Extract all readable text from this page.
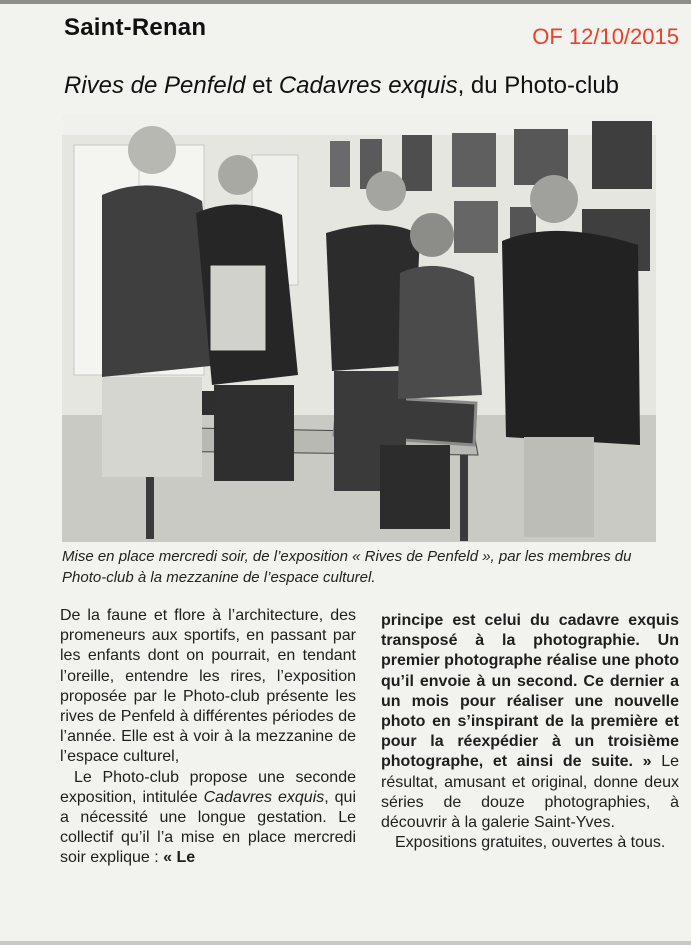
Saint-Renan	OF 12/10/2015
Rives de Penfeld et Cadavres exquis, du Photo-club
Mise en place mercredi soir, de l’exposition « Rives de Penfeld », par les membres du Photo-club à la mezzanine de l’espace culturel.

De la faune et flore à l’architecture, des promeneurs aux sportifs, en passant par les enfants dont on pourrait, en tendant l’oreille, entendre les rires, l’exposition proposée par le Photo-club présente les rives de Penfeld à différentes périodes de l’année. Elle est à voir à la mezzanine de l’espace culturel,

Le Photo-club propose une seconde exposition, intitulée Cadavres exquis, qui a nécessité une longue gestation. Le collectif qu’il l’a mise en place mercredi soir explique : « Le

principe est celui du cadavre exquis transposé à la photographie. Un premier photographe réalise une photo qu’il envoie à un second. Ce dernier a un mois pour réaliser une nouvelle photo en s’inspirant de la première et pour la réexpédier à un troisième photographe, et ainsi de suite. » Le résultat, amusant et original, donne deux séries de douze photographies, à découvrir à la galerie Saint-Yves.

Expositions gratuites, ouvertes à tous.
